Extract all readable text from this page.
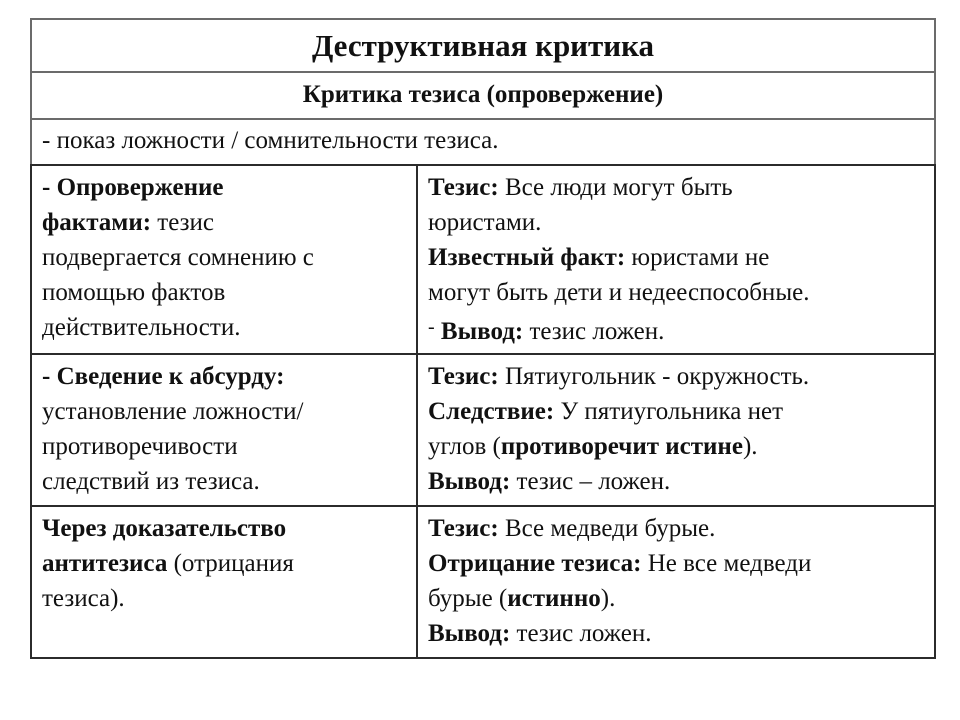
Деструктивная критика
Критика тезиса (опровержение)
- показ ложности / сомнительности тезиса.
- Опровержение
фактами: тезис
подвергается сомнению с
помощью фактов
действительности.	Тезис: Все люди могут быть
юристами.
Известный факт: юристами не
могут быть дети и недееспособные.
- Вывод: тезис ложен.

- Сведение к абсурду:
установление ложности/
противоречивости
следствий из тезиса.	Тезис: Пятиугольник - окружность.
Следствие: У пятиугольника нет
углов (противоречит истине).
Вывод: тезис – ложен.

Через доказательство
антитезиса (отрицания
тезиса).	Тезис: Все медведи бурые.
Отрицание тезиса: Не все медведи
бурые (истинно).
Вывод: тезис ложен.
